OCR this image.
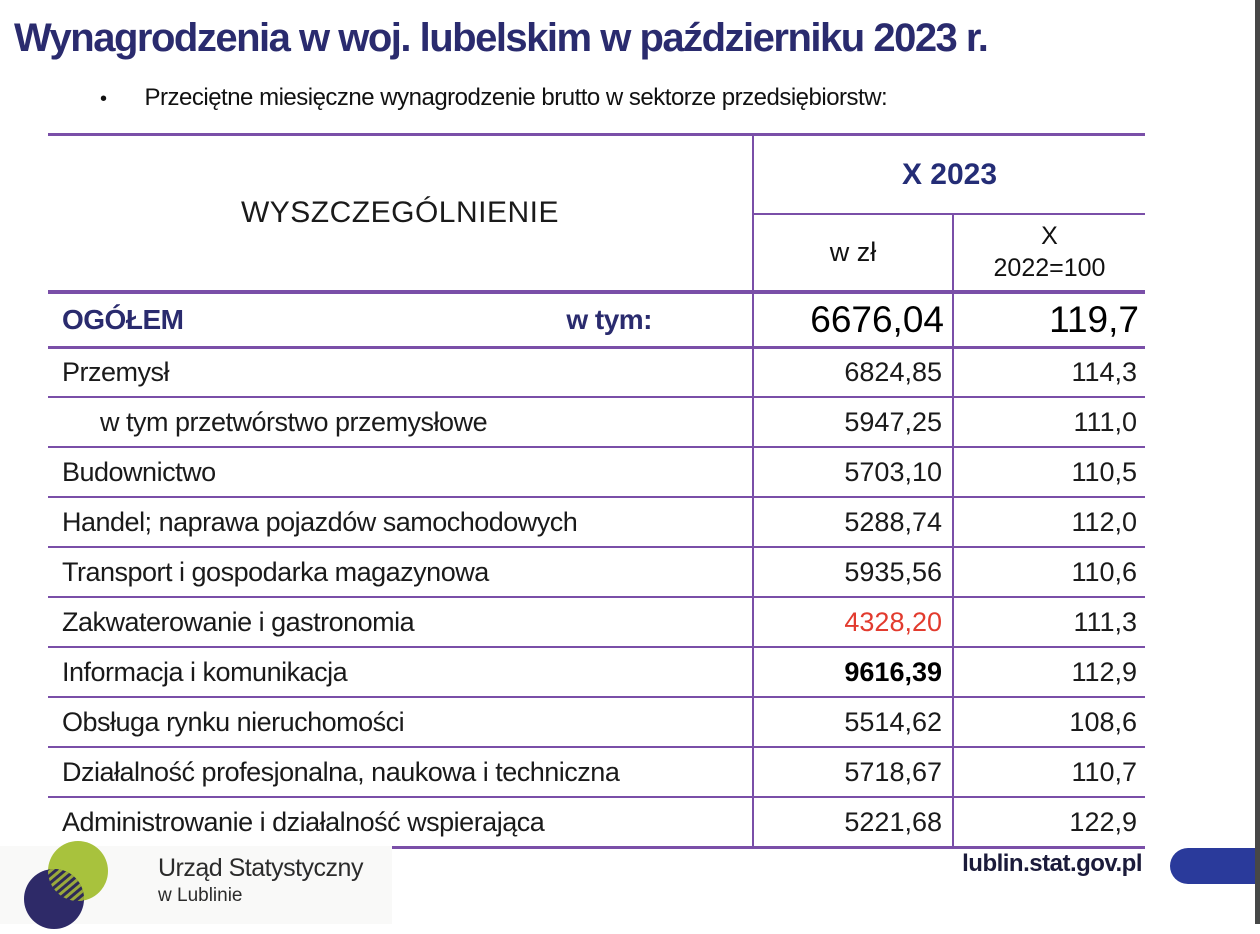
Wynagrodzenia w woj. lubelskim w październiku 2023 r.
• Przeciętne miesięczne wynagrodzenie brutto w sektorze przedsiębiorstw:
WYSZCZEGÓLNIENIE
X 2023
w zł
X
2022=100
OGÓŁEM	w tym:	6676,04	119,7
Przemysł	6824,85	114,3
w tym przetwórstwo przemysłowe	5947,25	111,0
Budownictwo	5703,10	110,5
Handel; naprawa pojazdów samochodowych	5288,74	112,0
Transport i gospodarka magazynowa	5935,56	110,6
Zakwaterowanie i gastronomia	4328,20	111,3
Informacja i komunikacja	9616,39	112,9
Obsługa rynku nieruchomości	5514,62	108,6
Działalność profesjonalna, naukowa i techniczna	5718,67	110,7
Administrowanie i działalność wspierająca	5221,68	122,9
Urząd Statystyczny
w Lublinie
lublin.stat.gov.pl
